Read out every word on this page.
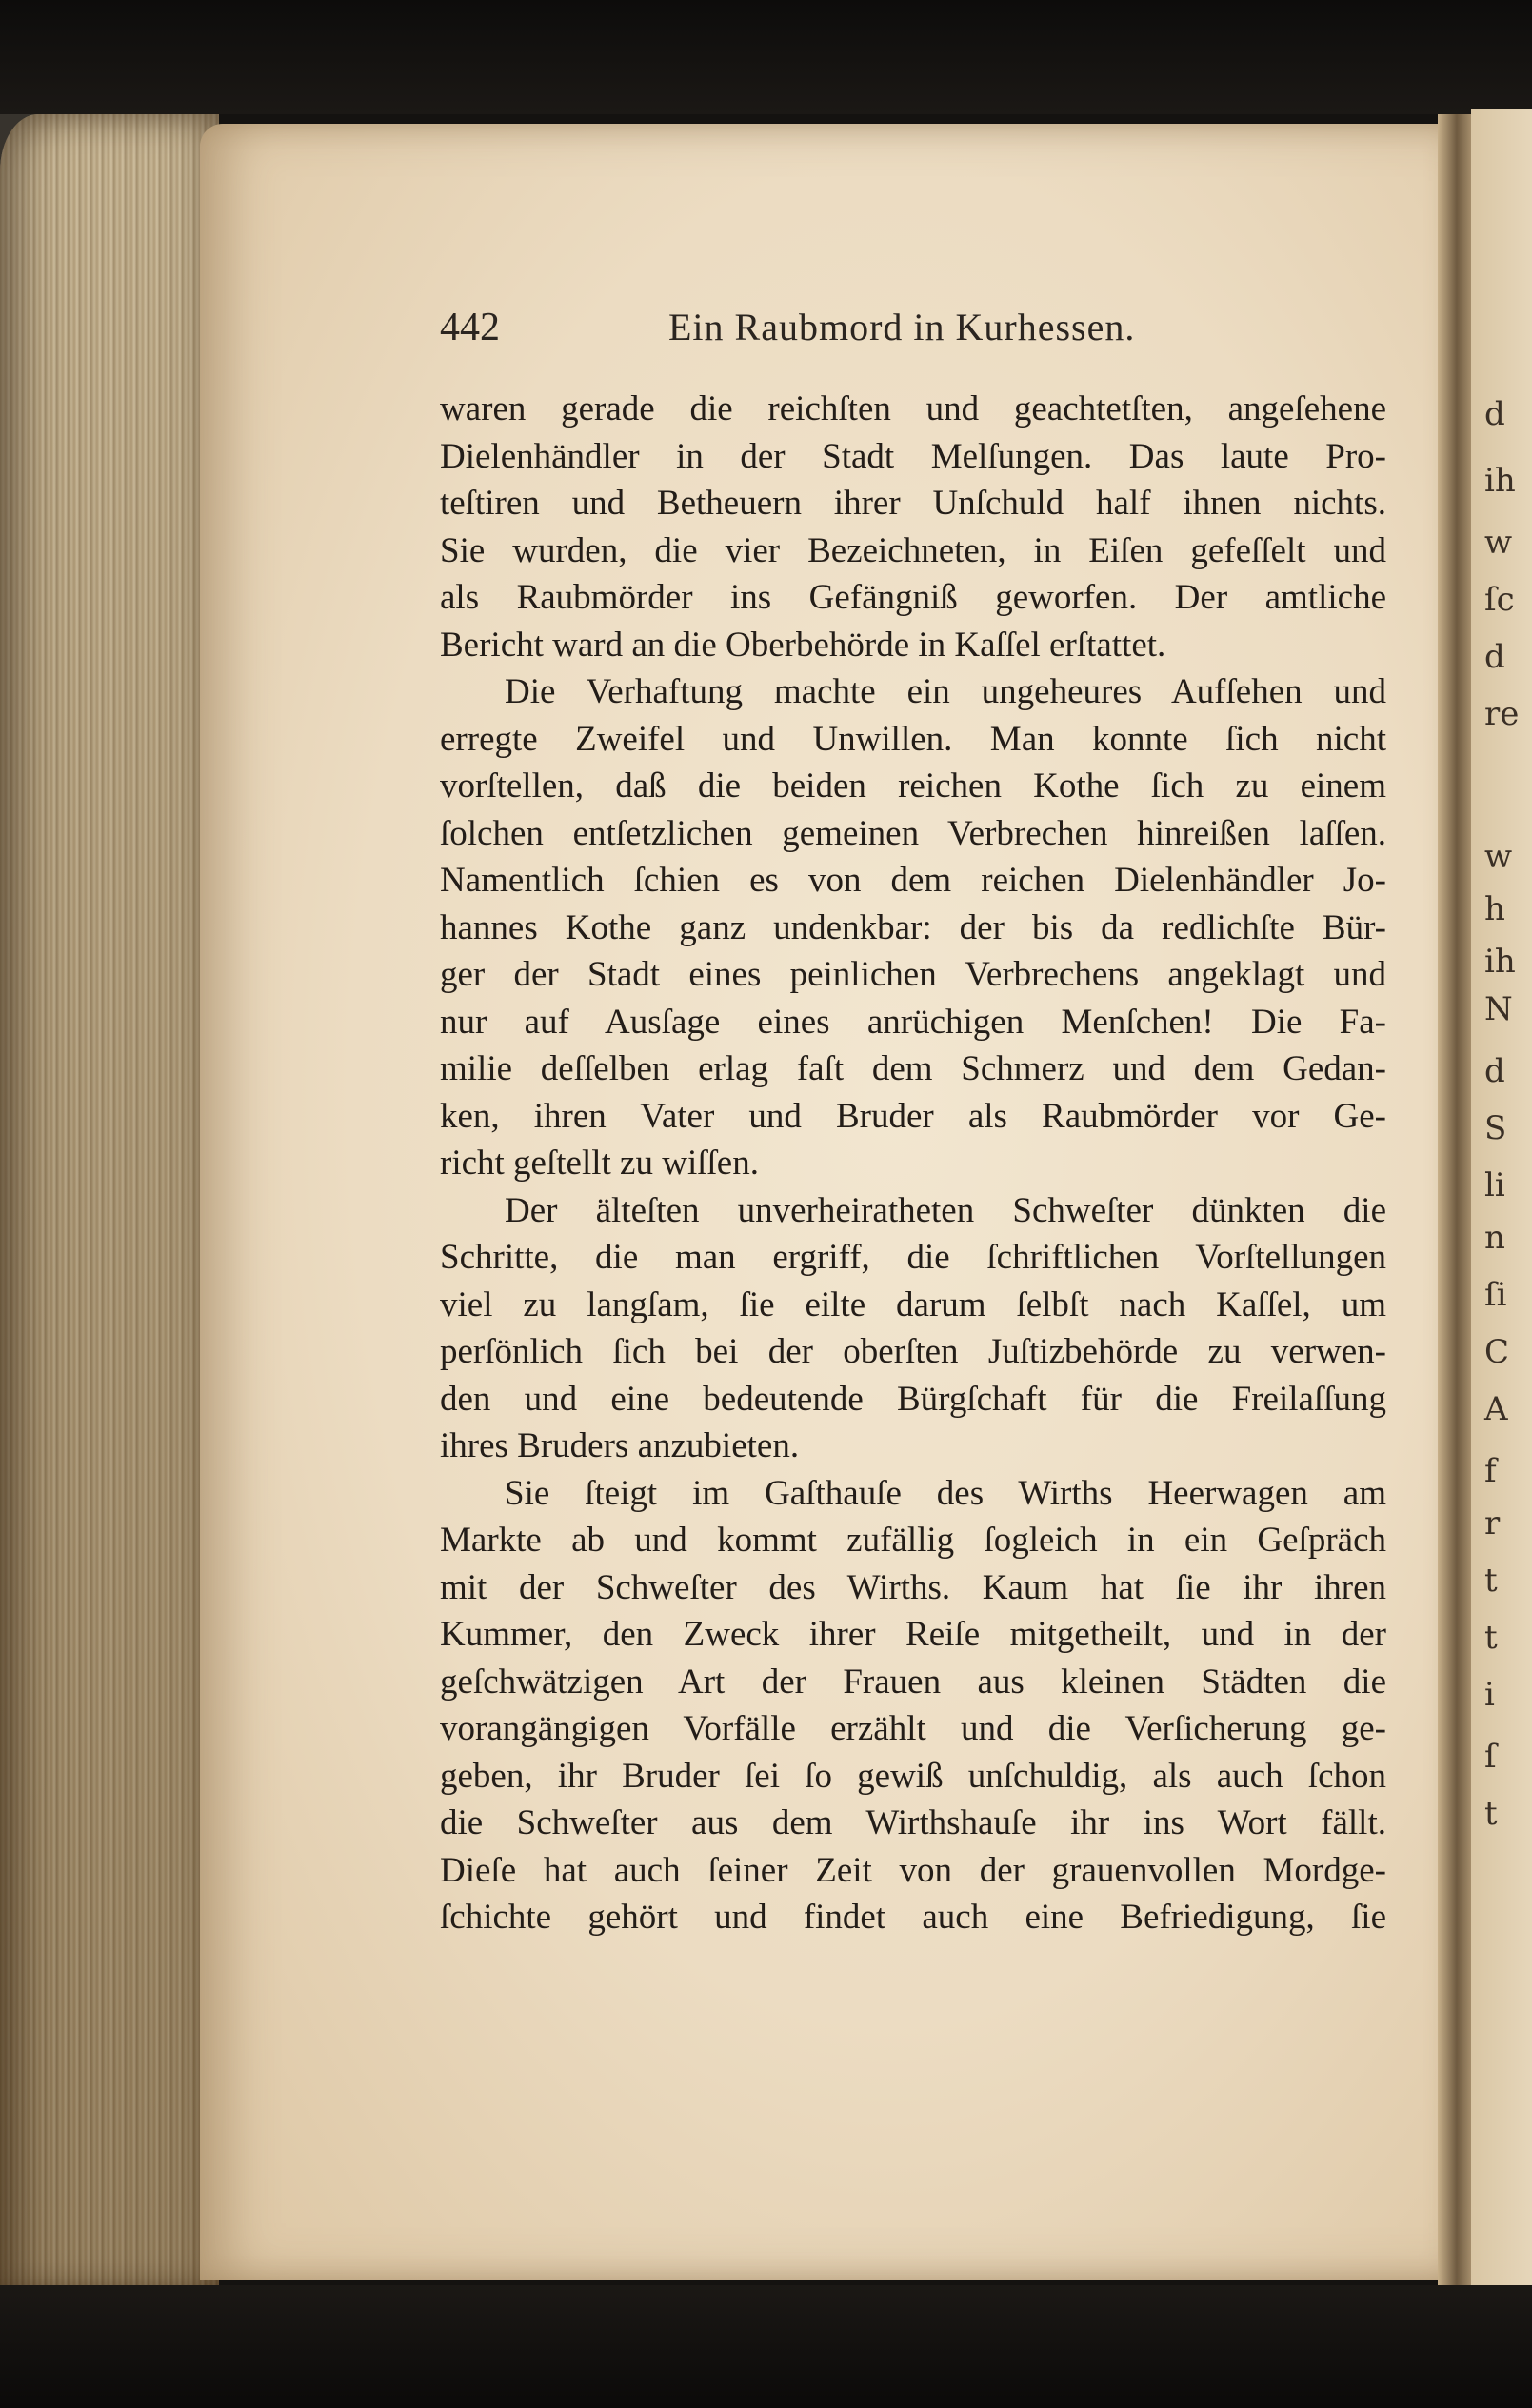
d
ih
w
ſc
d
re
w
h
ih
N
d
S
li
n
ſi
C
A
f
r
t
t
i
ſ
t
442	Ein Raubmord in Kurhessen.
waren gerade die reichſten und geachtetſten, angeſehene
Dielenhändler in der Stadt Melſungen. Das laute Pro-
teſtiren und Betheuern ihrer Unſchuld half ihnen nichts.
Sie wurden, die vier Bezeichneten, in Eiſen gefeſſelt und
als Raubmörder ins Gefängniß geworfen. Der amtliche
Bericht ward an die Oberbehörde in Kaſſel erſtattet.
Die Verhaftung machte ein ungeheures Aufſehen und
erregte Zweifel und Unwillen. Man konnte ſich nicht
vorſtellen, daß die beiden reichen Kothe ſich zu einem
ſolchen entſetzlichen gemeinen Verbrechen hinreißen laſſen.
Namentlich ſchien es von dem reichen Dielenhändler Jo-
hannes Kothe ganz undenkbar: der bis da redlichſte Bür-
ger der Stadt eines peinlichen Verbrechens angeklagt und
nur auf Ausſage eines anrüchigen Menſchen! Die Fa-
milie deſſelben erlag faſt dem Schmerz und dem Gedan-
ken, ihren Vater und Bruder als Raubmörder vor Ge-
richt geſtellt zu wiſſen.
Der älteſten unverheiratheten Schweſter dünkten die
Schritte, die man ergriff, die ſchriftlichen Vorſtellungen
viel zu langſam, ſie eilte darum ſelbſt nach Kaſſel, um
perſönlich ſich bei der oberſten Juſtizbehörde zu verwen-
den und eine bedeutende Bürgſchaft für die Freilaſſung
ihres Bruders anzubieten.
Sie ſteigt im Gaſthauſe des Wirths Heerwagen am
Markte ab und kommt zufällig ſogleich in ein Geſpräch
mit der Schweſter des Wirths. Kaum hat ſie ihr ihren
Kummer, den Zweck ihrer Reiſe mitgetheilt, und in der
geſchwätzigen Art der Frauen aus kleinen Städten die
vorangängigen Vorfälle erzählt und die Verſicherung ge-
geben, ihr Bruder ſei ſo gewiß unſchuldig, als auch ſchon
die Schweſter aus dem Wirthshauſe ihr ins Wort fällt.
Dieſe hat auch ſeiner Zeit von der grauenvollen Mordge-
ſchichte gehört und findet auch eine Befriedigung, ſie
